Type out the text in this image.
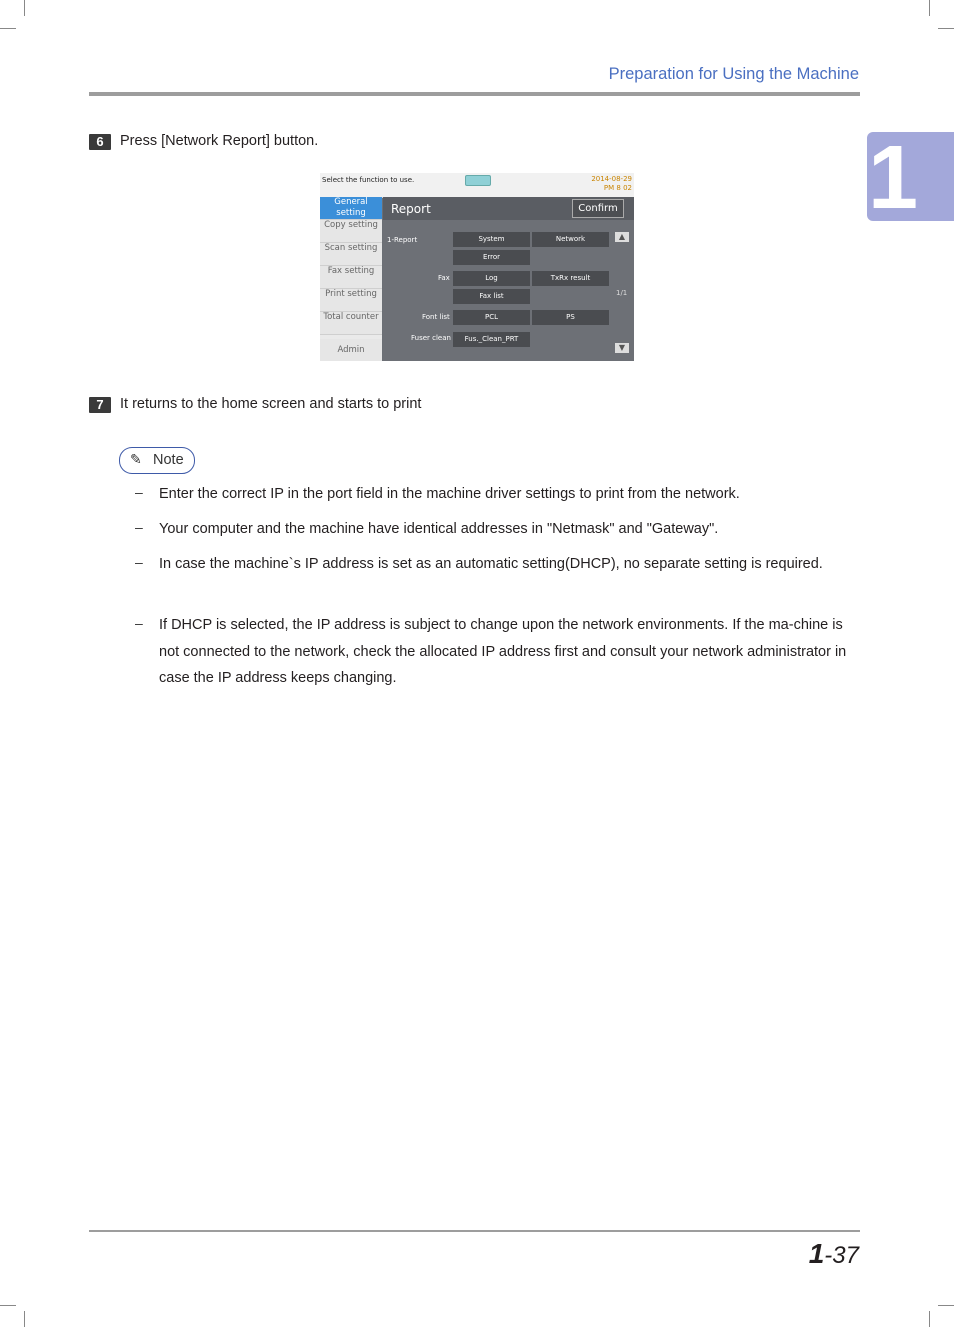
Preparation for Using the Machine
1
6	Press [Network Report] button.
Select the function to use.	2014-08-29
PM 8 02
General setting
Copy setting
Scan setting
Fax setting
Print setting
Total counter
Admin
Report	Confirm
1-Report
Fax
Font list
Fuser clean
System	Network
Error
Log	TxRx result
Fax list
PCL	PS
Fus._Clean_PRT
▲
1/1
▼
7	It returns to the home screen and starts to print
✎ Note
– Enter the correct IP in the port field in the machine driver settings to print from the network.
– Your computer and the machine have identical addresses in "Netmask" and "Gateway".
– In case the machine`s IP address is set as an automatic setting(DHCP), no separate setting is required.
– If DHCP is selected, the IP address is subject to change upon the network environments. If the ma-chine is not connected to the network, check the allocated IP address first and consult your network administrator in case the IP address keeps changing.
1-37
